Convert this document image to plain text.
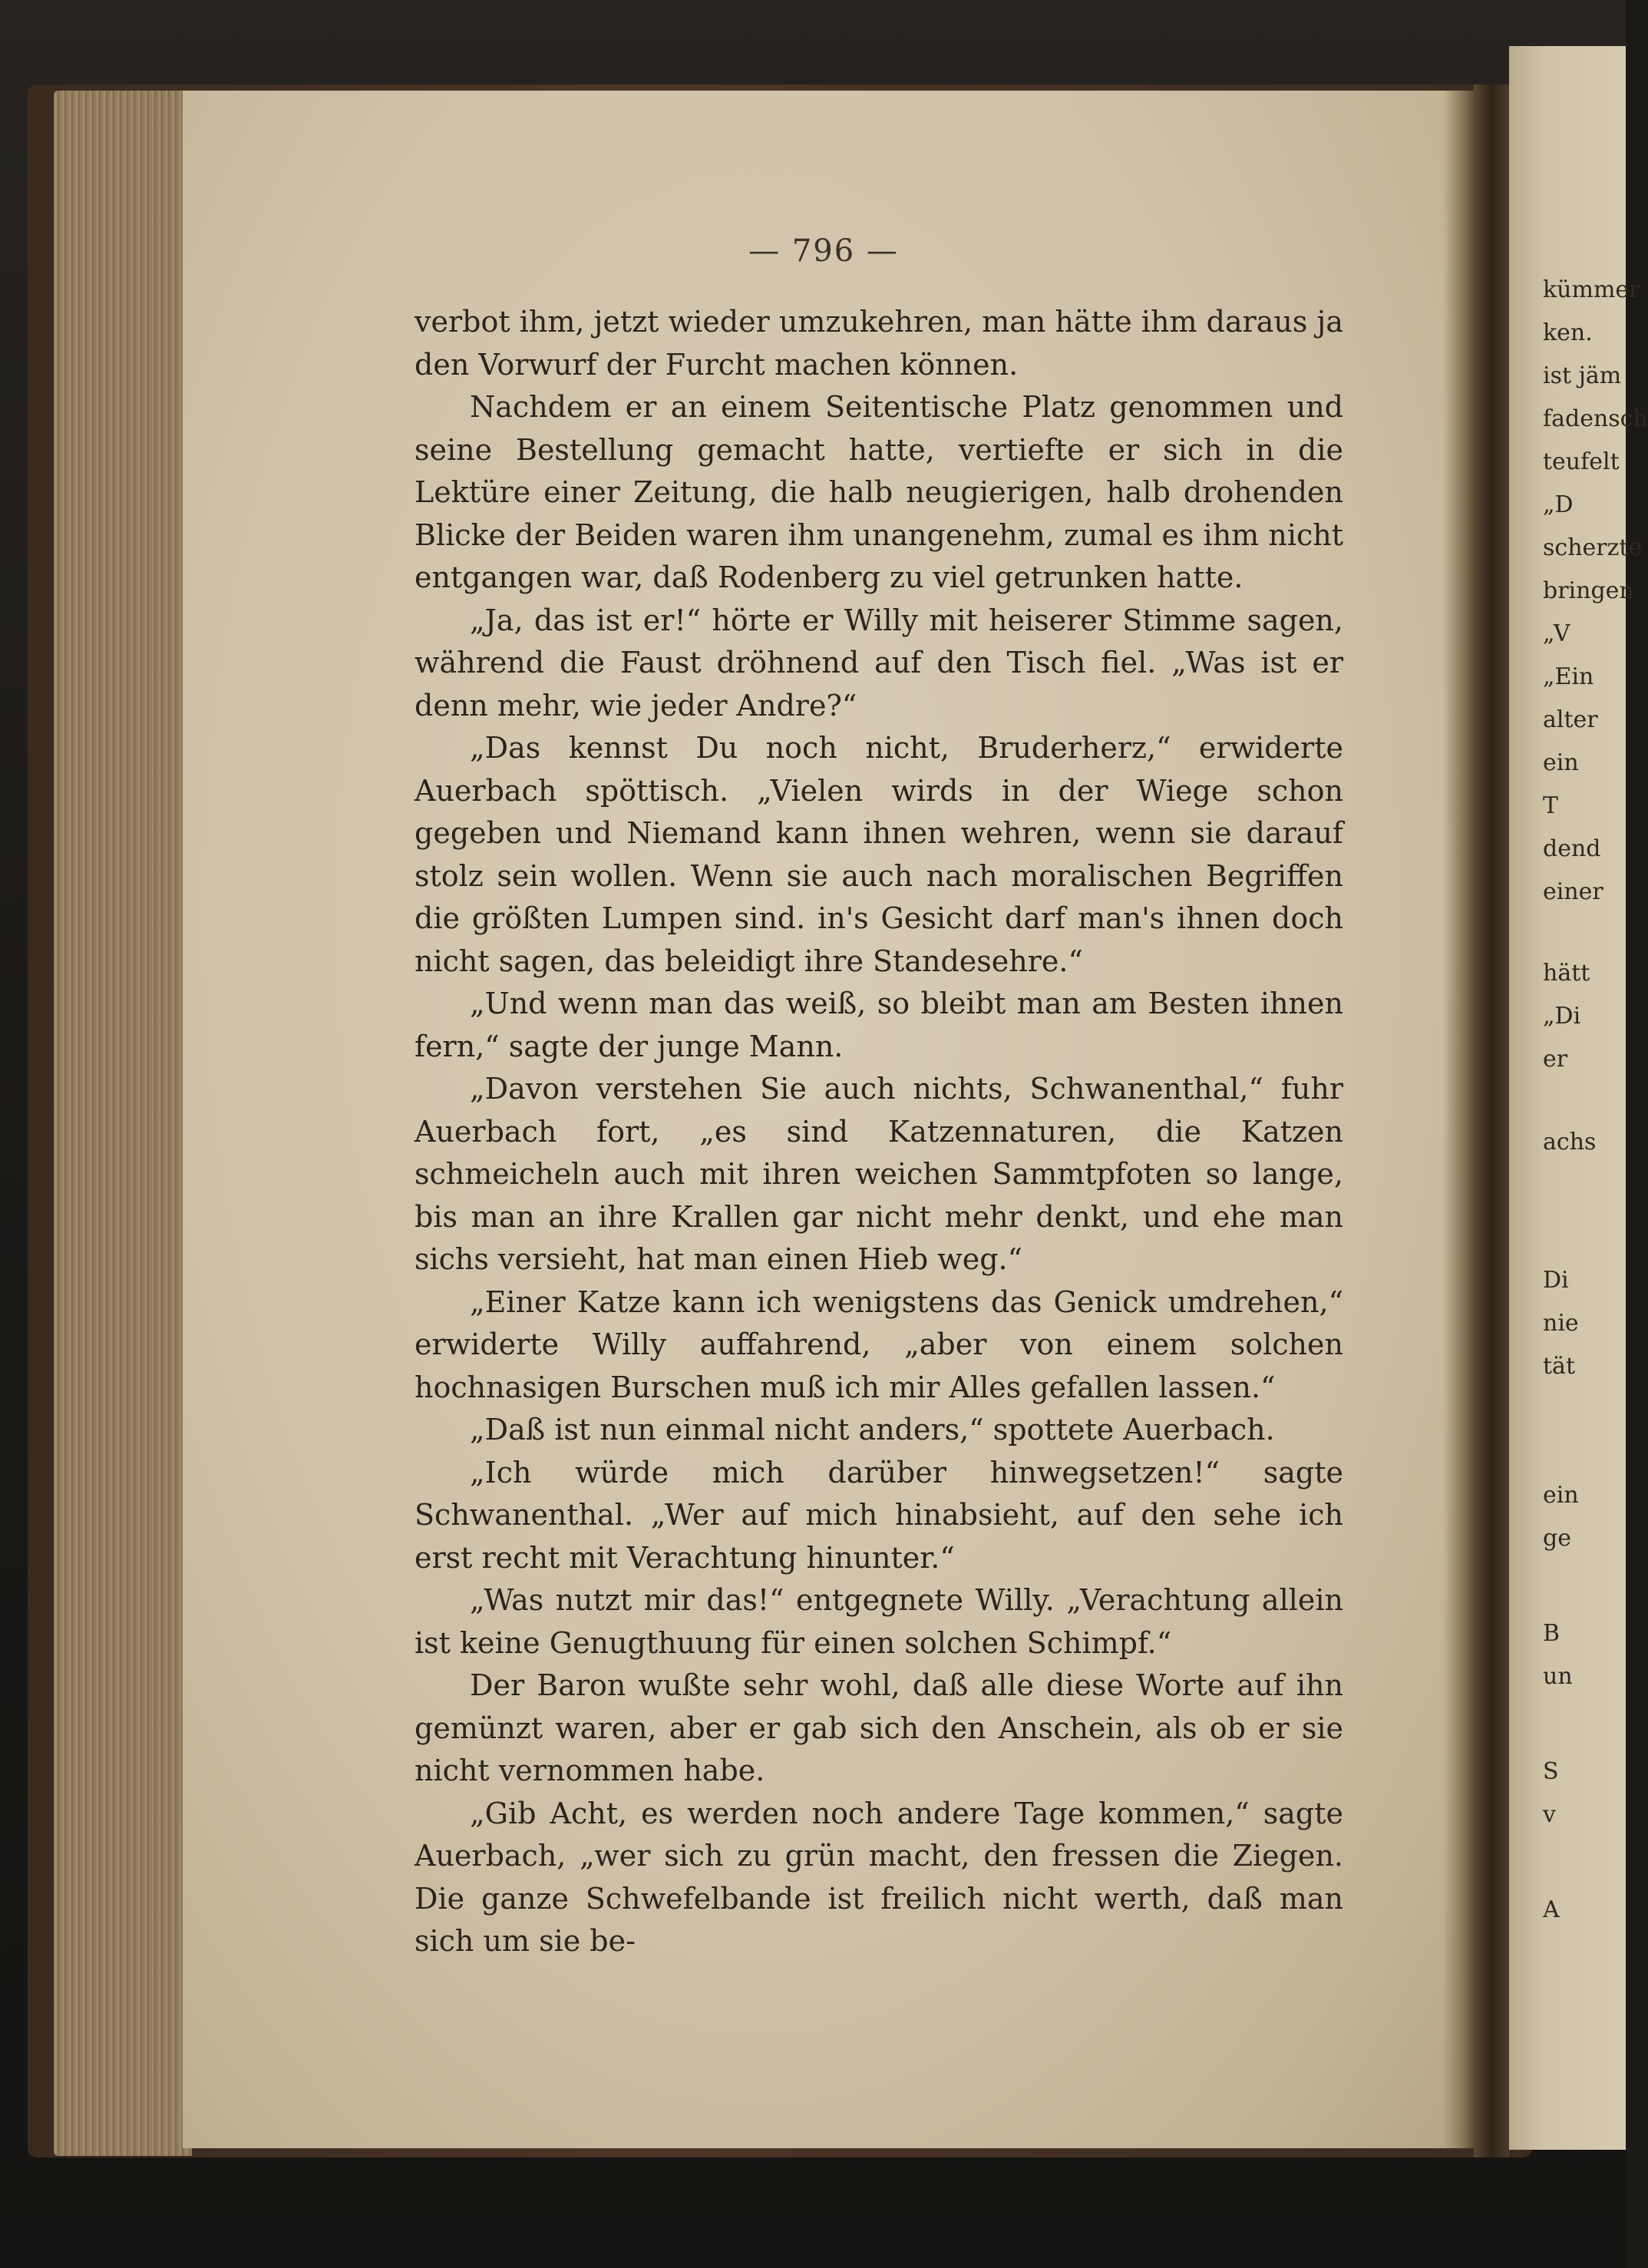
— 796 —

verbot ihm, jetzt wieder umzukehren, man hätte ihm daraus ja den Vorwurf der Furcht machen können.

Nachdem er an einem Seitentische Platz genommen und seine Bestellung gemacht hatte, vertiefte er sich in die Lektüre einer Zeitung, die halb neugierigen, halb drohenden Blicke der Beiden waren ihm unangenehm, zumal es ihm nicht entgangen war, daß Rodenberg zu viel getrunken hatte.

„Ja, das ist er!“ hörte er Willy mit heiserer Stimme sagen, während die Faust dröhnend auf den Tisch fiel. „Was ist er denn mehr, wie jeder Andre?“

„Das kennst Du noch nicht, Bruderherz,“ erwiderte Auerbach spöttisch. „Vielen wirds in der Wiege schon gegeben und Niemand kann ihnen wehren, wenn sie darauf stolz sein wollen. Wenn sie auch nach moralischen Begriffen die größten Lumpen sind. in's Gesicht darf man's ihnen doch nicht sagen, das beleidigt ihre Standesehre.“

„Und wenn man das weiß, so bleibt man am Besten ihnen fern,“ sagte der junge Mann.

„Davon verstehen Sie auch nichts, Schwanenthal,“ fuhr Auerbach fort, „es sind Katzennaturen, die Katzen schmeicheln auch mit ihren weichen Sammtpfoten so lange, bis man an ihre Krallen gar nicht mehr denkt, und ehe man sichs versieht, hat man einen Hieb weg.“

„Einer Katze kann ich wenigstens das Genick umdrehen,“ erwiderte Willy auffahrend, „aber von einem solchen hochnasigen Burschen muß ich mir Alles gefallen lassen.“

„Daß ist nun einmal nicht anders,“ spottete Auerbach.

„Ich würde mich darüber hinwegsetzen!“ sagte Schwanenthal. „Wer auf mich hinabsieht, auf den sehe ich erst recht mit Verachtung hinunter.“

„Was nutzt mir das!“ entgegnete Willy. „Verachtung allein ist keine Genugthuung für einen solchen Schimpf.“

Der Baron wußte sehr wohl, daß alle diese Worte auf ihn gemünzt waren, aber er gab sich den Anschein, als ob er sie nicht vernommen habe.

„Gib Acht, es werden noch andere Tage kommen,“ sagte Auerbach, „wer sich zu grün macht, den fressen die Ziegen. Die ganze Schwefelbande ist freilich nicht werth, daß man sich um sie be-

kümmer
ken.
ist jäm
fadensch
teufelt
„D
scherzte
bringen
„V
„Ein
alter
ein
T
dend
einer
hätt
„Di
er
achs
Di
nie
tät
ein
ge
B
un
S
v
A
